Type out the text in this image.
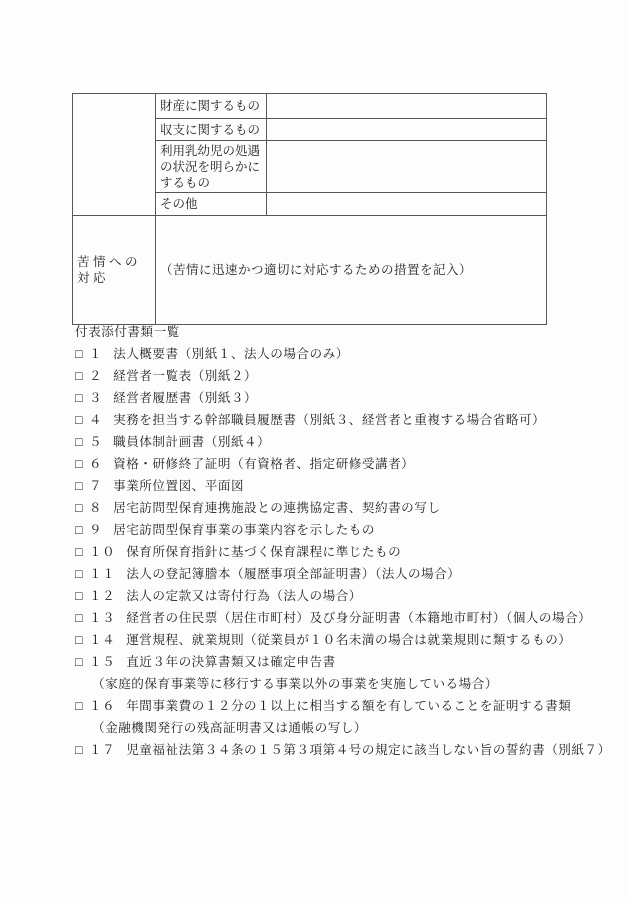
	財産に関するもの	
	収支に関するもの	
	利用乳幼児の処遇の状況を明らかにするもの	
	その他	
苦情への対応	（苦情に迅速かつ適切に対応するための措置を記入）	
付表添付書類一覧
□ １ 法人概要書（別紙１、法人の場合のみ）
□ ２ 経営者一覧表（別紙２）
□ ３ 経営者履歴書（別紙３）
□ ４ 実務を担当する幹部職員履歴書（別紙３、経営者と重複する場合省略可）
□ ５ 職員体制計画書（別紙４）
□ ６ 資格・研修終了証明（有資格者、指定研修受講者）
□ ７ 事業所位置図、平面図
□ ８ 居宅訪問型保育連携施設との連携協定書、契約書の写し
□ ９ 居宅訪問型保育事業の事業内容を示したもの
□ １０ 保育所保育指針に基づく保育課程に準じたもの
□ １１ 法人の登記簿謄本（履歴事項全部証明書）（法人の場合）
□ １２ 法人の定款又は寄付行為（法人の場合）
□ １３ 経営者の住民票（居住市町村）及び身分証明書（本籍地市町村）（個人の場合）
□ １４ 運営規程、就業規則（従業員が１０名未満の場合は就業規則に類するもの）
□ １５ 直近３年の決算書類又は確定申告書
（家庭的保育事業等に移行する事業以外の事業を実施している場合）
□ １６ 年間事業費の１２分の１以上に相当する額を有していることを証明する書類
（金融機関発行の残高証明書又は通帳の写し）
□ １７ 児童福祉法第３４条の１５第３項第４号の規定に該当しない旨の誓約書（別紙７）
